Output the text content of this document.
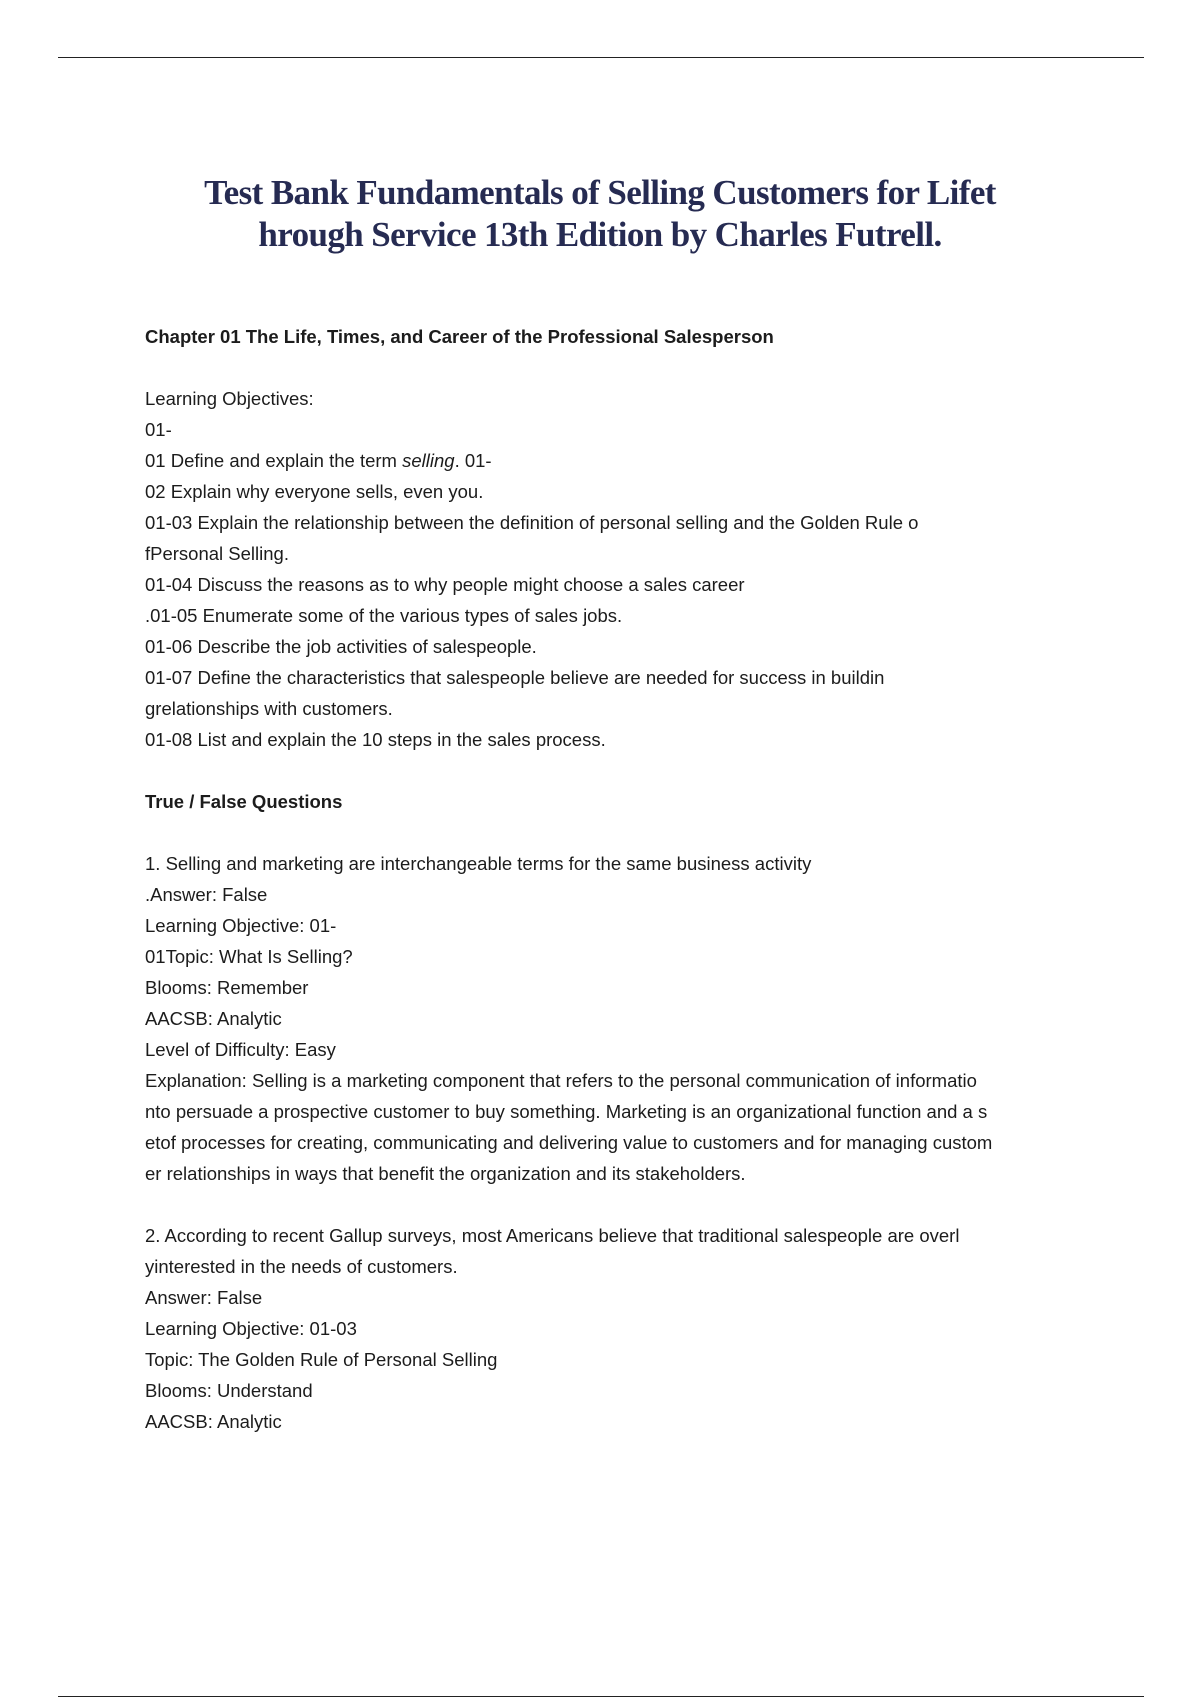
Test Bank Fundamentals of Selling Customers for Lifet
hrough Service 13th Edition by Charles Futrell.
Chapter 01 The Life, Times, and Career of the Professional Salesperson
Learning Objectives:
01-
01 Define and explain the term selling. 01-
02 Explain why everyone sells, even you.
01-03 Explain the relationship between the definition of personal selling and the Golden Rule o
fPersonal Selling.
01-04 Discuss the reasons as to why people might choose a sales career
.01-05 Enumerate some of the various types of sales jobs.
01-06 Describe the job activities of salespeople.
01-07 Define the characteristics that salespeople believe are needed for success in buildin
grelationships with customers.
01-08 List and explain the 10 steps in the sales process.
True / False Questions
1. Selling and marketing are interchangeable terms for the same business activity
.Answer: False
Learning Objective: 01-
01Topic: What Is Selling?
Blooms: Remember
AACSB: Analytic
Level of Difficulty: Easy
Explanation: Selling is a marketing component that refers to the personal communication of informatio
nto persuade a prospective customer to buy something. Marketing is an organizational function and a s
etof processes for creating, communicating and delivering value to customers and for managing custom
er relationships in ways that benefit the organization and its stakeholders.
2. According to recent Gallup surveys, most Americans believe that traditional salespeople are overl
yinterested in the needs of customers.
Answer: False
Learning Objective: 01-03
Topic: The Golden Rule of Personal Selling
Blooms: Understand
AACSB: Analytic
